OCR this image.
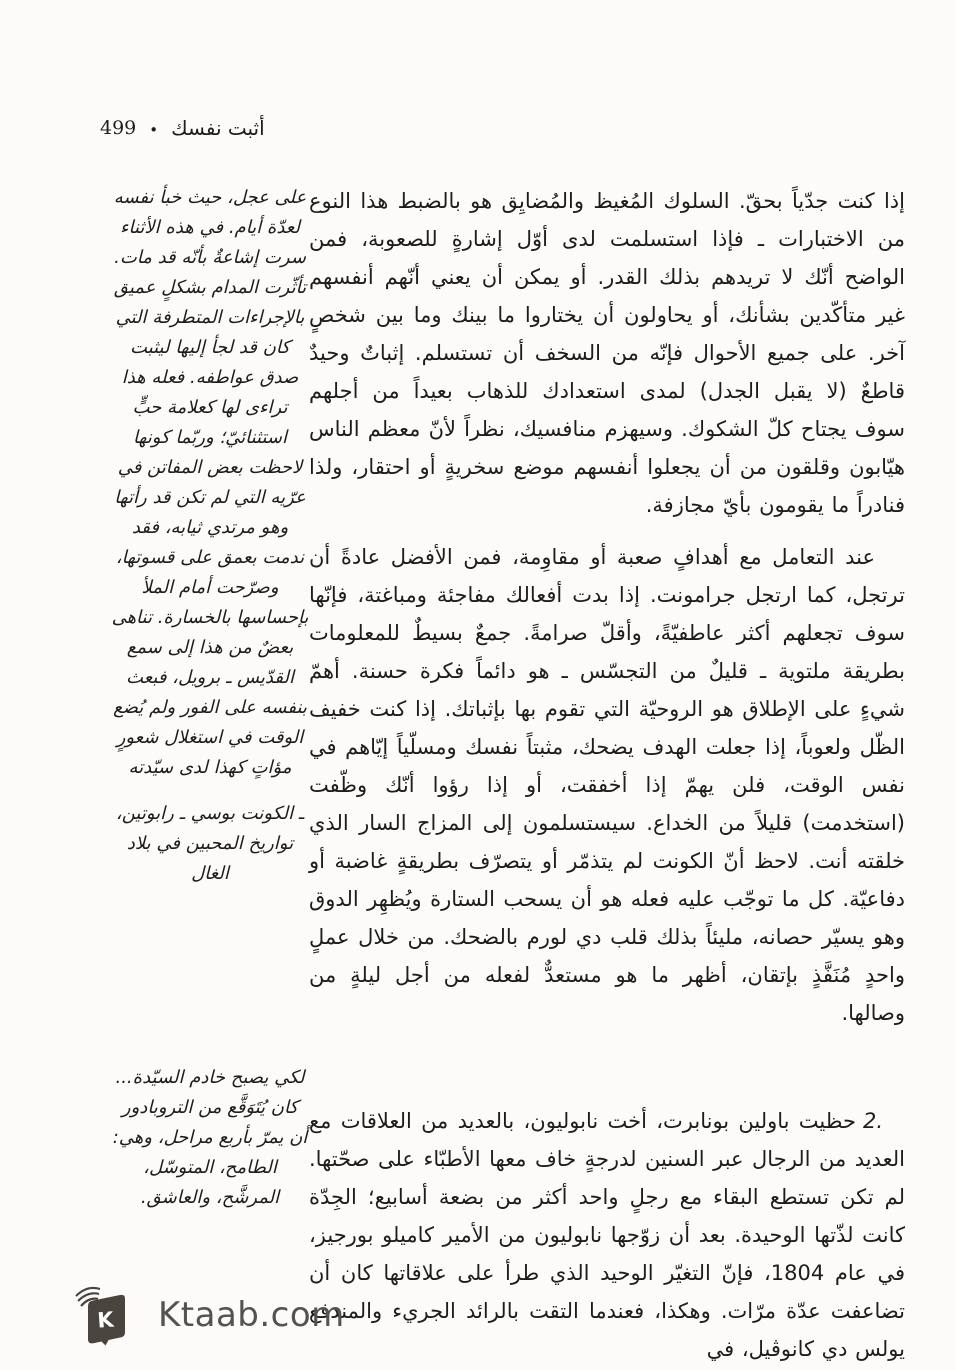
أثبت نفسك
•
499

على عجل، حيث خبأ نفسه لعدّة أيام. في هذه الأثناء سرت إشاعةٌ بأنّه قد مات. تأثّرت المدام بشكلٍ عميق بالإجراءات المتطرفة التي كان قد لجأ إليها ليثبت صدق عواطفه. فعله هذا تراءى لها كعلامة حبٍّ استثنائيّ؛ وربّما كونها لاحظت بعض المفاتن في عرّيه التي لم تكن قد رأتها وهو مرتدي ثيابه، فقد ندمت بعمق على قسوتها، وصرّحت أمام الملأ بإحساسها بالخسارة. تناهى بعضٌ من هذا إلى سمع القدّيس ـ برويل، فبعث بنفسه على الفور ولم يُضع الوقت في استغلال شعورٍ مؤاتٍ كهذا لدى سيّدته

ـ الكونت بوسي ـ رابوتين، تواريخ المحبين في بلاد الغال

لكي يصبح خادم السيّدة... كان يُتَوَقَّع من التروبادور أن يمرّ بأربع مراحل، وهي: الطامح، المتوسّل، المرشَّح، والعاشق.

إذا كنت جدّياً بحقّ. السلوك المُغيظ والمُضايِق هو بالضبط هذا النوع من الاختبارات ـ فإذا استسلمت لدى أوّل إشارةٍ للصعوبة، فمن الواضح أنّك لا تريدهم بذلك القدر. أو يمكن أن يعني أنّهم أنفسهم غير متأكّدين بشأنك، أو يحاولون أن يختاروا ما بينك وما بين شخصٍ آخر. على جميع الأحوال فإنّه من السخف أن تستسلم. إثباتٌ وحيدٌ قاطعٌ (لا يقبل الجدل) لمدى استعدادك للذهاب بعيداً من أجلهم سوف يجتاح كلّ الشكوك. وسيهزم منافسيك، نظراً لأنّ معظم الناس هيّابون وقلقون من أن يجعلوا أنفسهم موضع سخريةٍ أو احتقار، ولذا فنادراً ما يقومون بأيّ مجازفة.

عند التعامل مع أهدافٍ صعبة أو مقاوِمة، فمن الأفضل عادةً أن ترتجل، كما ارتجل جرامونت. إذا بدت أفعالك مفاجئة ومباغتة، فإنّها سوف تجعلهم أكثر عاطفيّةً، وأقلّ صرامةً. جمعٌ بسيطٌ للمعلومات بطريقة ملتوية ـ قليلٌ من التجسّس ـ هو دائماً فكرة حسنة. أهمّ شيءٍ على الإطلاق هو الروحيّة التي تقوم بها بإثباتك. إذا كنت خفيف الظّل ولعوباً، إذا جعلت الهدف يضحك، مثبتاً نفسك ومسلّياً إيّاهم في نفس الوقت، فلن يهمّ إذا أخفقت، أو إذا رؤوا أنّك وظّفت (استخدمت) قليلاً من الخداع. سيستسلمون إلى المزاج السار الذي خلقته أنت. لاحظ أنّ الكونت لم يتذمّر أو يتصرّف بطريقةٍ غاضبة أو دفاعيّة. كل ما توجّب عليه فعله هو أن يسحب الستارة ويُظهِر الدوق وهو يسيّر حصانه، مليئاً بذلك قلب دي لورم بالضحك. من خلال عملٍ واحدٍ مُنَفَّذٍ بإتقان، أظهر ما هو مستعدٌّ لفعله من أجل ليلةٍ من وصالها.

2.حظيت باولين بونابرت، أخت نابوليون، بالعديد من العلاقات مع العديد من الرجال عبر السنين لدرجةٍ خاف معها الأطبّاء على صحّتها. لم تكن تستطع البقاء مع رجلٍ واحد أكثر من بضعة أسابيع؛ الجِدّة كانت لذّتها الوحيدة. بعد أن زوّجها نابوليون من الأمير كاميلو بورجيز، في عام 1804، فإنّ التغيّر الوحيد الذي طرأ على علاقاتها كان أن تضاعفت عدّة مرّات. وهكذا، فعندما التقت بالرائد الجريء والمندفع يولس دي كانوڤيل، في

K Ktaab.com
